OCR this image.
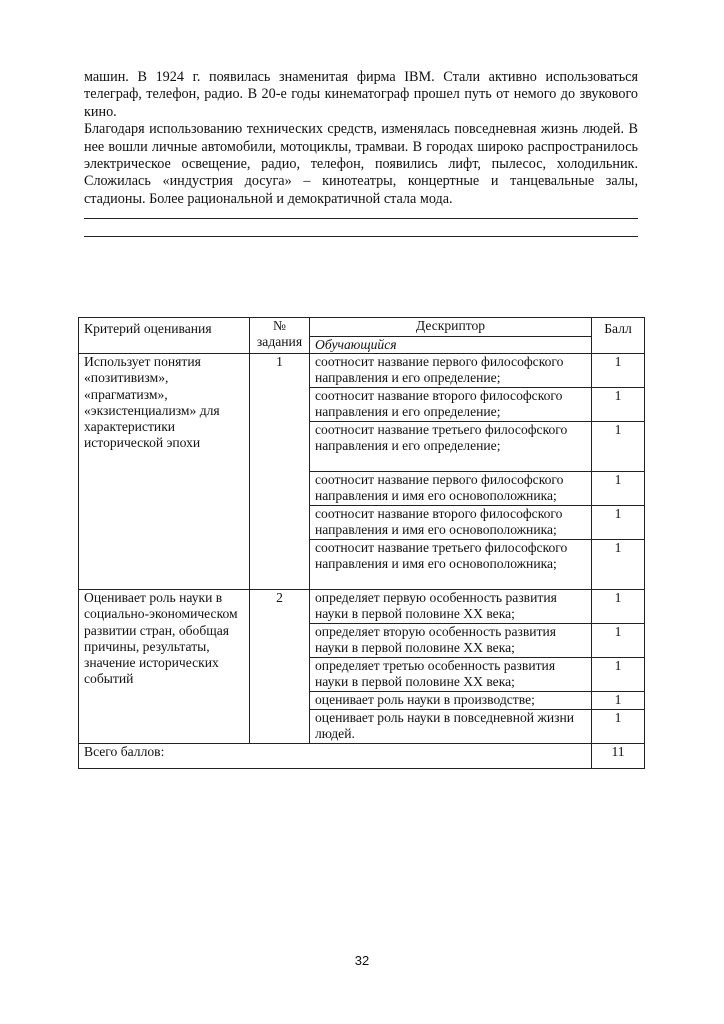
машин. В 1924 г. появилась знаменитая фирма IBM. Стали активно использоваться телеграф, телефон, радио. В 20-е годы кинематограф прошел путь от немого до звукового кино.

Благодаря использованию технических средств, изменялась повседневная жизнь людей. В нее вошли личные автомобили, мотоциклы, трамваи. В городах широко распространилось электрическое освещение, радио, телефон, появились лифт, пылесос, холодильник. Сложилась «индустрия досуга» – кинотеатры, концертные и танцевальные залы, стадионы. Более рациональной и демократичной стала мода.

Критерий оценивания	№ задания	Дескриптор	Балл
		Обучающийся	
Использует понятия «позитивизм», «прагматизм», «экзистенциализм» для характеристики исторической эпохи	1	соотносит название первого философского направления и его определение;	1
		соотносит название второго философского направления и его определение;	1
		соотносит название третьего философского направления и его определение;	1
		соотносит название первого философского направления и имя его основоположника;	1
		соотносит название второго философского направления и имя его основоположника;	1
		соотносит название третьего философского направления и имя его основоположника;	1
Оценивает роль науки в социально-экономическом развитии стран, обобщая причины, результаты, значение исторических событий	2	определяет первую особенность развития науки в первой половине XX века;	1
		определяет вторую особенность развития науки в первой половине XX века;	1
		определяет третью особенность развития науки в первой половине XX века;	1
		оценивает роль науки в производстве;	1
		оценивает роль науки в повседневной жизни людей.	1
Всего баллов:			11
32
